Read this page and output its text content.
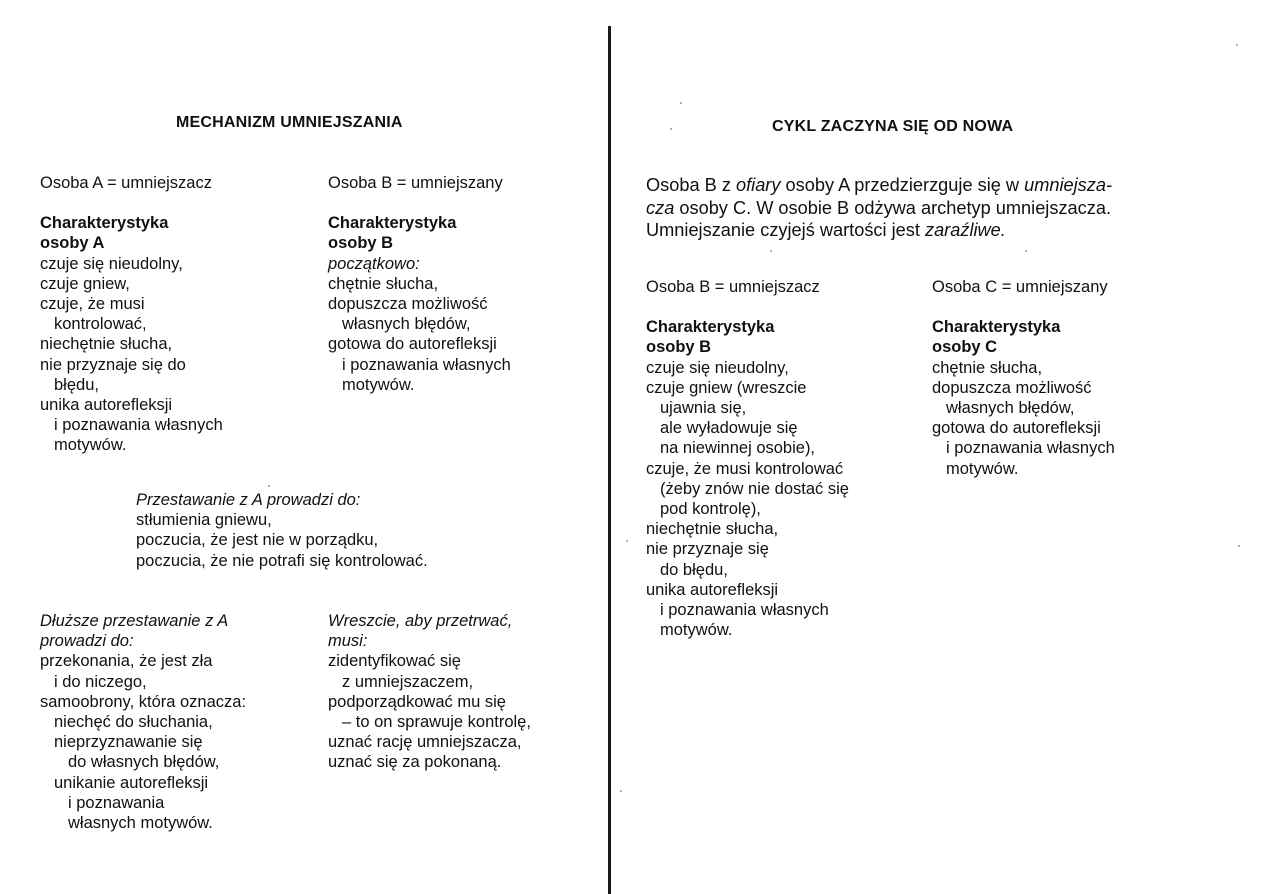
MECHANIZM UMNIEJSZANIA
Osoba A = umniejszacz
Charakterystyka
osoby A
czuje się nieudolny,
czuje gniew,
czuje, że musi
kontrolować,
niechętnie słucha,
nie przyznaje się do
błędu,
unika autorefleksji
i poznawania własnych
motywów.
Osoba B = umniejszany
Charakterystyka
osoby B
początkowo:
chętnie słucha,
dopuszcza możliwość
własnych błędów,
gotowa do autorefleksji
i poznawania własnych
motywów.
Przestawanie z A prowadzi do:
stłumienia gniewu,
poczucia, że jest nie w porządku,
poczucia, że nie potrafi się kontrolować.
Dłuższe przestawanie z A
prowadzi do:
przekonania, że jest zła
i do niczego,
samoobrony, która oznacza:
niechęć do słuchania,
nieprzyznawanie się
do własnych błędów,
unikanie autorefleksji
i poznawania
własnych motywów.
Wreszcie, aby przetrwać,
musi:
zidentyfikować się
z umniejszaczem,
podporządkować mu się
– to on sprawuje kontrolę,
uznać rację umniejszacza,
uznać się za pokonaną.
CYKL ZACZYNA SIĘ OD NOWA
Osoba B z ofiary osoby A przedzierzguje się w umniejsza-
cza osoby C. W osobie B odżywa archetyp umniejszacza.
Umniejszanie czyjejś wartości jest zaraźliwe.
Osoba B = umniejszacz
Charakterystyka
osoby B
czuje się nieudolny,
czuje gniew (wreszcie
ujawnia się,
ale wyładowuje się
na niewinnej osobie),
czuje, że musi kontrolować
(żeby znów nie dostać się
pod kontrolę),
niechętnie słucha,
nie przyznaje się
do błędu,
unika autorefleksji
i poznawania własnych
motywów.
Osoba C = umniejszany
Charakterystyka
osoby C
chętnie słucha,
dopuszcza możliwość
własnych błędów,
gotowa do autorefleksji
i poznawania własnych
motywów.
